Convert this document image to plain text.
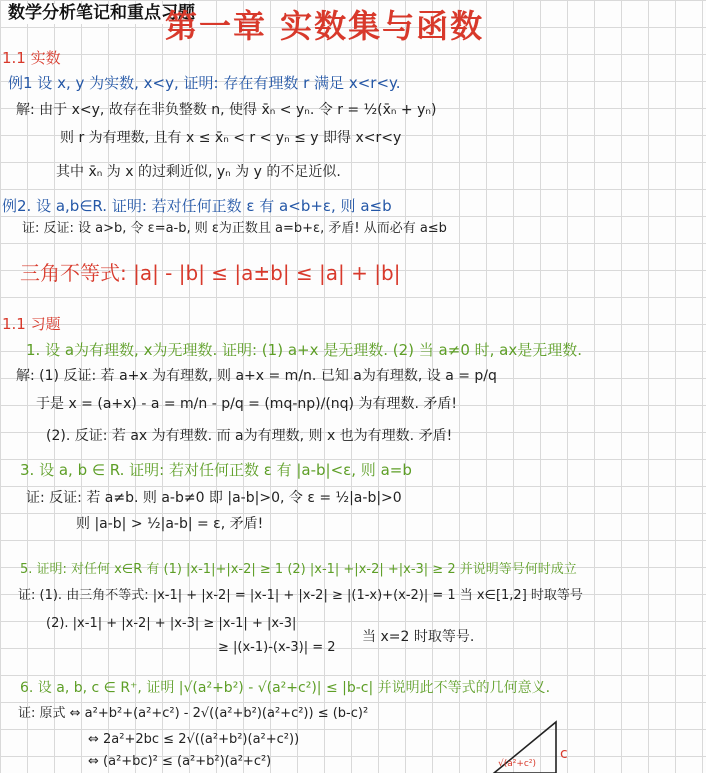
数学分析笔记和重点习题
第一章 实数集与函数
1.1 实数
例1 设 x, y 为实数, x<y, 证明: 存在有理数 r 满足 x<r<y.
解: 由于 x<y, 故存在非负整数 n, 使得 x̄ₙ < yₙ. 令 r = ½(x̄ₙ + yₙ)
则 r 为有理数, 且有 x ≤ x̄ₙ < r < yₙ ≤ y 即得 x<r<y
其中 x̄ₙ 为 x 的过剩近似, yₙ 为 y 的不足近似.
例2. 设 a,b∈R. 证明: 若对任何正数 ε 有 a<b+ε, 则 a≤b
证: 反证: 设 a>b, 令 ε=a-b, 则 ε为正数且 a=b+ε, 矛盾! 从而必有 a≤b
三角不等式: |a| - |b| ≤ |a±b| ≤ |a| + |b|
1.1 习题
1. 设 a为有理数, x为无理数. 证明: (1) a+x 是无理数. (2) 当 a≠0 时, ax是无理数.
解: (1) 反证: 若 a+x 为有理数, 则 a+x = m/n. 已知 a为有理数, 设 a = p/q
于是 x = (a+x) - a = m/n - p/q = (mq-np)/(nq) 为有理数. 矛盾!
(2). 反证: 若 ax 为有理数. 而 a为有理数, 则 x 也为有理数. 矛盾!
3. 设 a, b ∈ R. 证明: 若对任何正数 ε 有 |a-b|<ε, 则 a=b
证: 反证: 若 a≠b. 则 a-b≠0 即 |a-b|>0, 令 ε = ½|a-b|>0
则 |a-b| > ½|a-b| = ε, 矛盾!
5. 证明: 对任何 x∈R 有 (1) |x-1|+|x-2| ≥ 1 (2) |x-1| +|x-2| +|x-3| ≥ 2 并说明等号何时成立
证: (1). 由三角不等式: |x-1| + |x-2| = |x-1| + |x-2| ≥ |(1-x)+(x-2)| = 1 当 x∈[1,2] 时取等号
(2). |x-1| + |x-2| + |x-3| ≥ |x-1| + |x-3|
≥ |(x-1)-(x-3)| = 2
当 x=2 时取等号.
6. 设 a, b, c ∈ R⁺, 证明 |√(a²+b²) - √(a²+c²)| ≤ |b-c| 并说明此不等式的几何意义.
证: 原式 ⇔ a²+b²+(a²+c²) - 2√((a²+b²)(a²+c²)) ≤ (b-c)²
⇔ 2a²+2bc ≤ 2√((a²+b²)(a²+c²))
⇔ (a²+bc)² ≤ (a²+b²)(a²+c²)	c
√(a²+c²)
